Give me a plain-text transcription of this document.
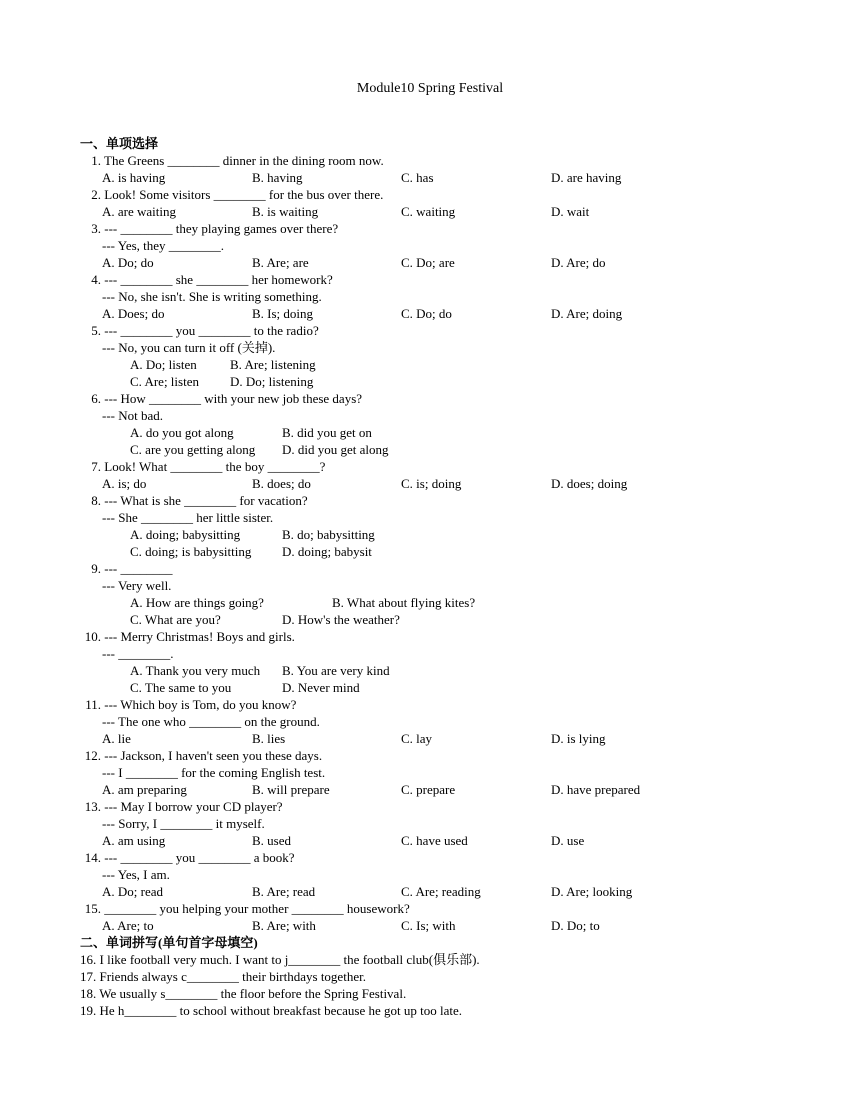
Module10 Spring Festival
一、单项选择
1. The Greens ________ dinner in the dining room now.
A. is having	B. having	C. has	D. are having
2. Look! Some visitors ________ for the bus over there.
A. are waiting	B. is waiting	C. waiting	D. wait
3. --- ________ they playing games over there?
--- Yes, they ________.
A. Do; do	B. Are; are	C. Do; are	D. Are; do
4. --- ________ she ________ her homework?
--- No, she isn't. She is writing something.
A. Does; do	B. Is; doing	C. Do; do	D. Are; doing
5. --- ________ you ________ to the radio?
--- No, you can turn it off (关掉).
A. Do; listen	B. Are; listening
C. Are; listen D. Do; listening
6. --- How ________ with your new job these days?
--- Not bad.
A. do you got along	B. did you get on
C. are you getting along D. did you get along
7. Look! What ________ the boy ________?
A. is; do	B. does; do	C. is; doing	D. does; doing
8. --- What is she ________ for vacation?
--- She ________ her little sister.
A. doing; babysitting	B. do; babysitting
C. doing; is babysitting D. doing; babysit
9. --- ________
--- Very well.
A. How are things going?	B. What about flying kites?
C. What are you?	D. How's the weather?
10. --- Merry Christmas! Boys and girls.
--- ________.
A. Thank you very much B. You are very kind
C. The same to you	D. Never mind
11. --- Which boy is Tom, do you know?
--- The one who ________ on the ground.
A. lie	B. lies	C. lay	D. is lying
12. --- Jackson, I haven't seen you these days.
--- I ________ for the coming English test.
A. am preparing	B. will prepare	C. prepare	D. have prepared
13. --- May I borrow your CD player?
--- Sorry, I ________ it myself.
A. am using	B. used	C. have used	D. use
14. --- ________ you ________ a book?
--- Yes, I am.
A. Do; read	B. Are; read	C. Are; reading	D. Are; looking
15. ________ you helping your mother ________ housework?
A. Are; to	B. Are; with	C. Is; with	D. Do; to
二、单词拼写(单句首字母填空)
16. I like football very much. I want to j________ the football club(俱乐部).
17. Friends always c________ their birthdays together.
18. We usually s________ the floor before the Spring Festival.
19. He h________ to school without breakfast because he got up too late.
